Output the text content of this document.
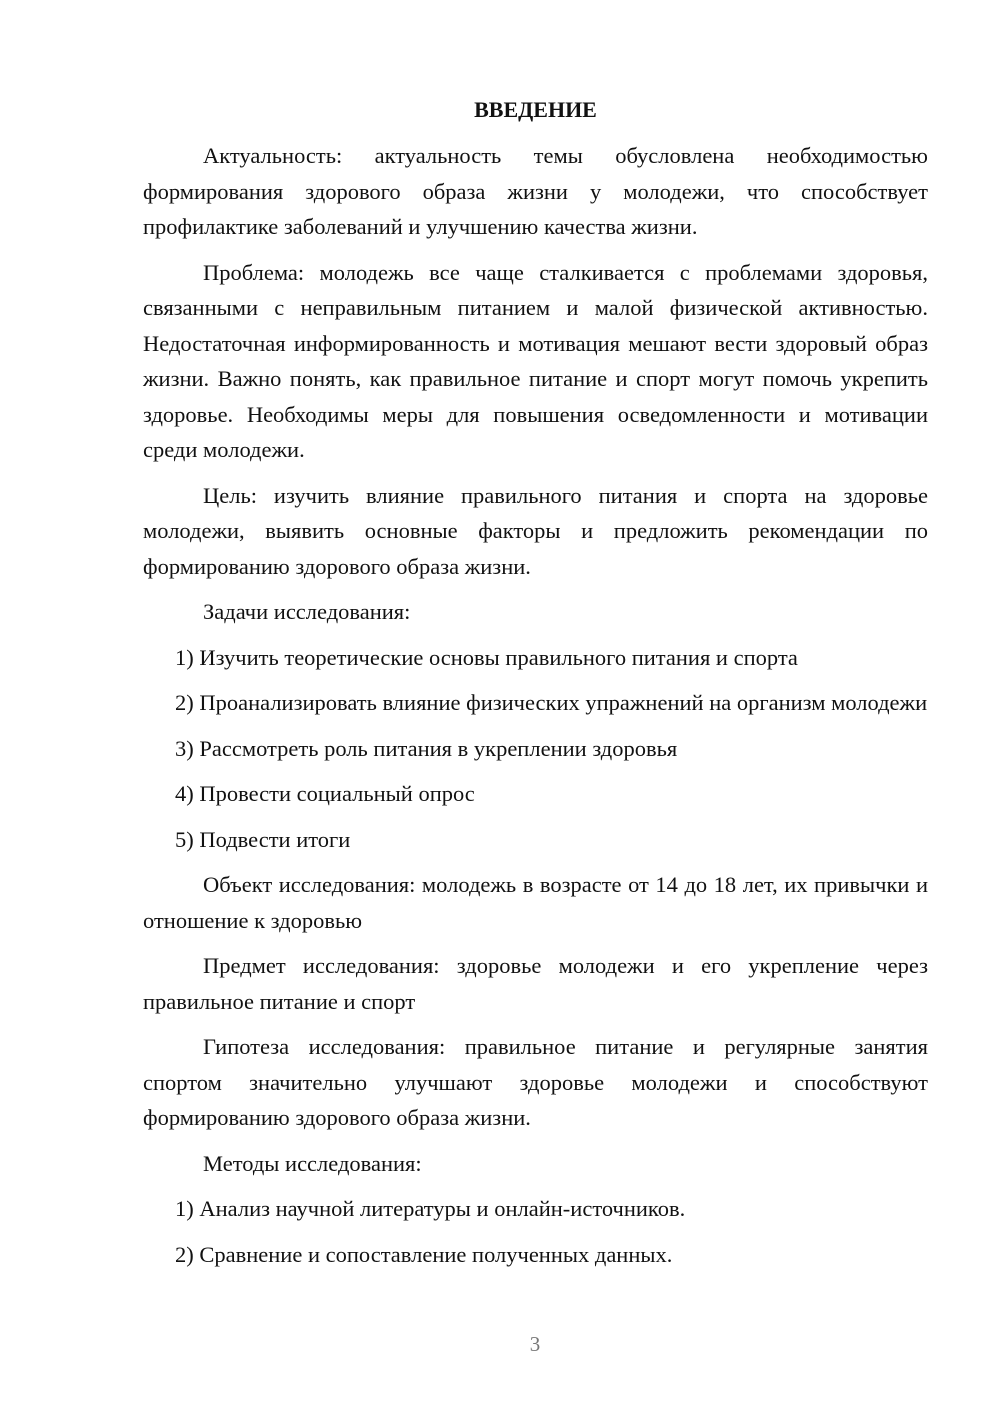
ВВЕДЕНИЕ

Актуальность: актуальность темы обусловлена необходимостью формирования здорового образа жизни у молодежи, что способствует профилактике заболеваний и улучшению качества жизни.

Проблема: молодежь все чаще сталкивается с проблемами здоровья, связанными с неправильным питанием и малой физической активностью. Недостаточная информированность и мотивация мешают вести здоровый образ жизни. Важно понять, как правильное питание и спорт могут помочь укрепить здоровье. Необходимы меры для повышения осведомленности и мотивации среди молодежи.

Цель: изучить влияние правильного питания и спорта на здоровье молодежи, выявить основные факторы и предложить рекомендации по формированию здорового образа жизни.

Задачи исследования:

1) Изучить теоретические основы правильного питания и спорта

2) Проанализировать влияние физических упражнений на организм молодежи

3) Рассмотреть роль питания в укреплении здоровья

4) Провести социальный опрос

5) Подвести итоги

Объект исследования: молодежь в возрасте от 14 до 18 лет, их привычки и отношение к здоровью

Предмет исследования: здоровье молодежи и его укрепление через правильное питание и спорт

Гипотеза исследования: правильное питание и регулярные занятия спортом значительно улучшают здоровье молодежи и способствуют формированию здорового образа жизни.

Методы исследования:

1) Анализ научной литературы и онлайн-источников.

2) Сравнение и сопоставление полученных данных.

3
